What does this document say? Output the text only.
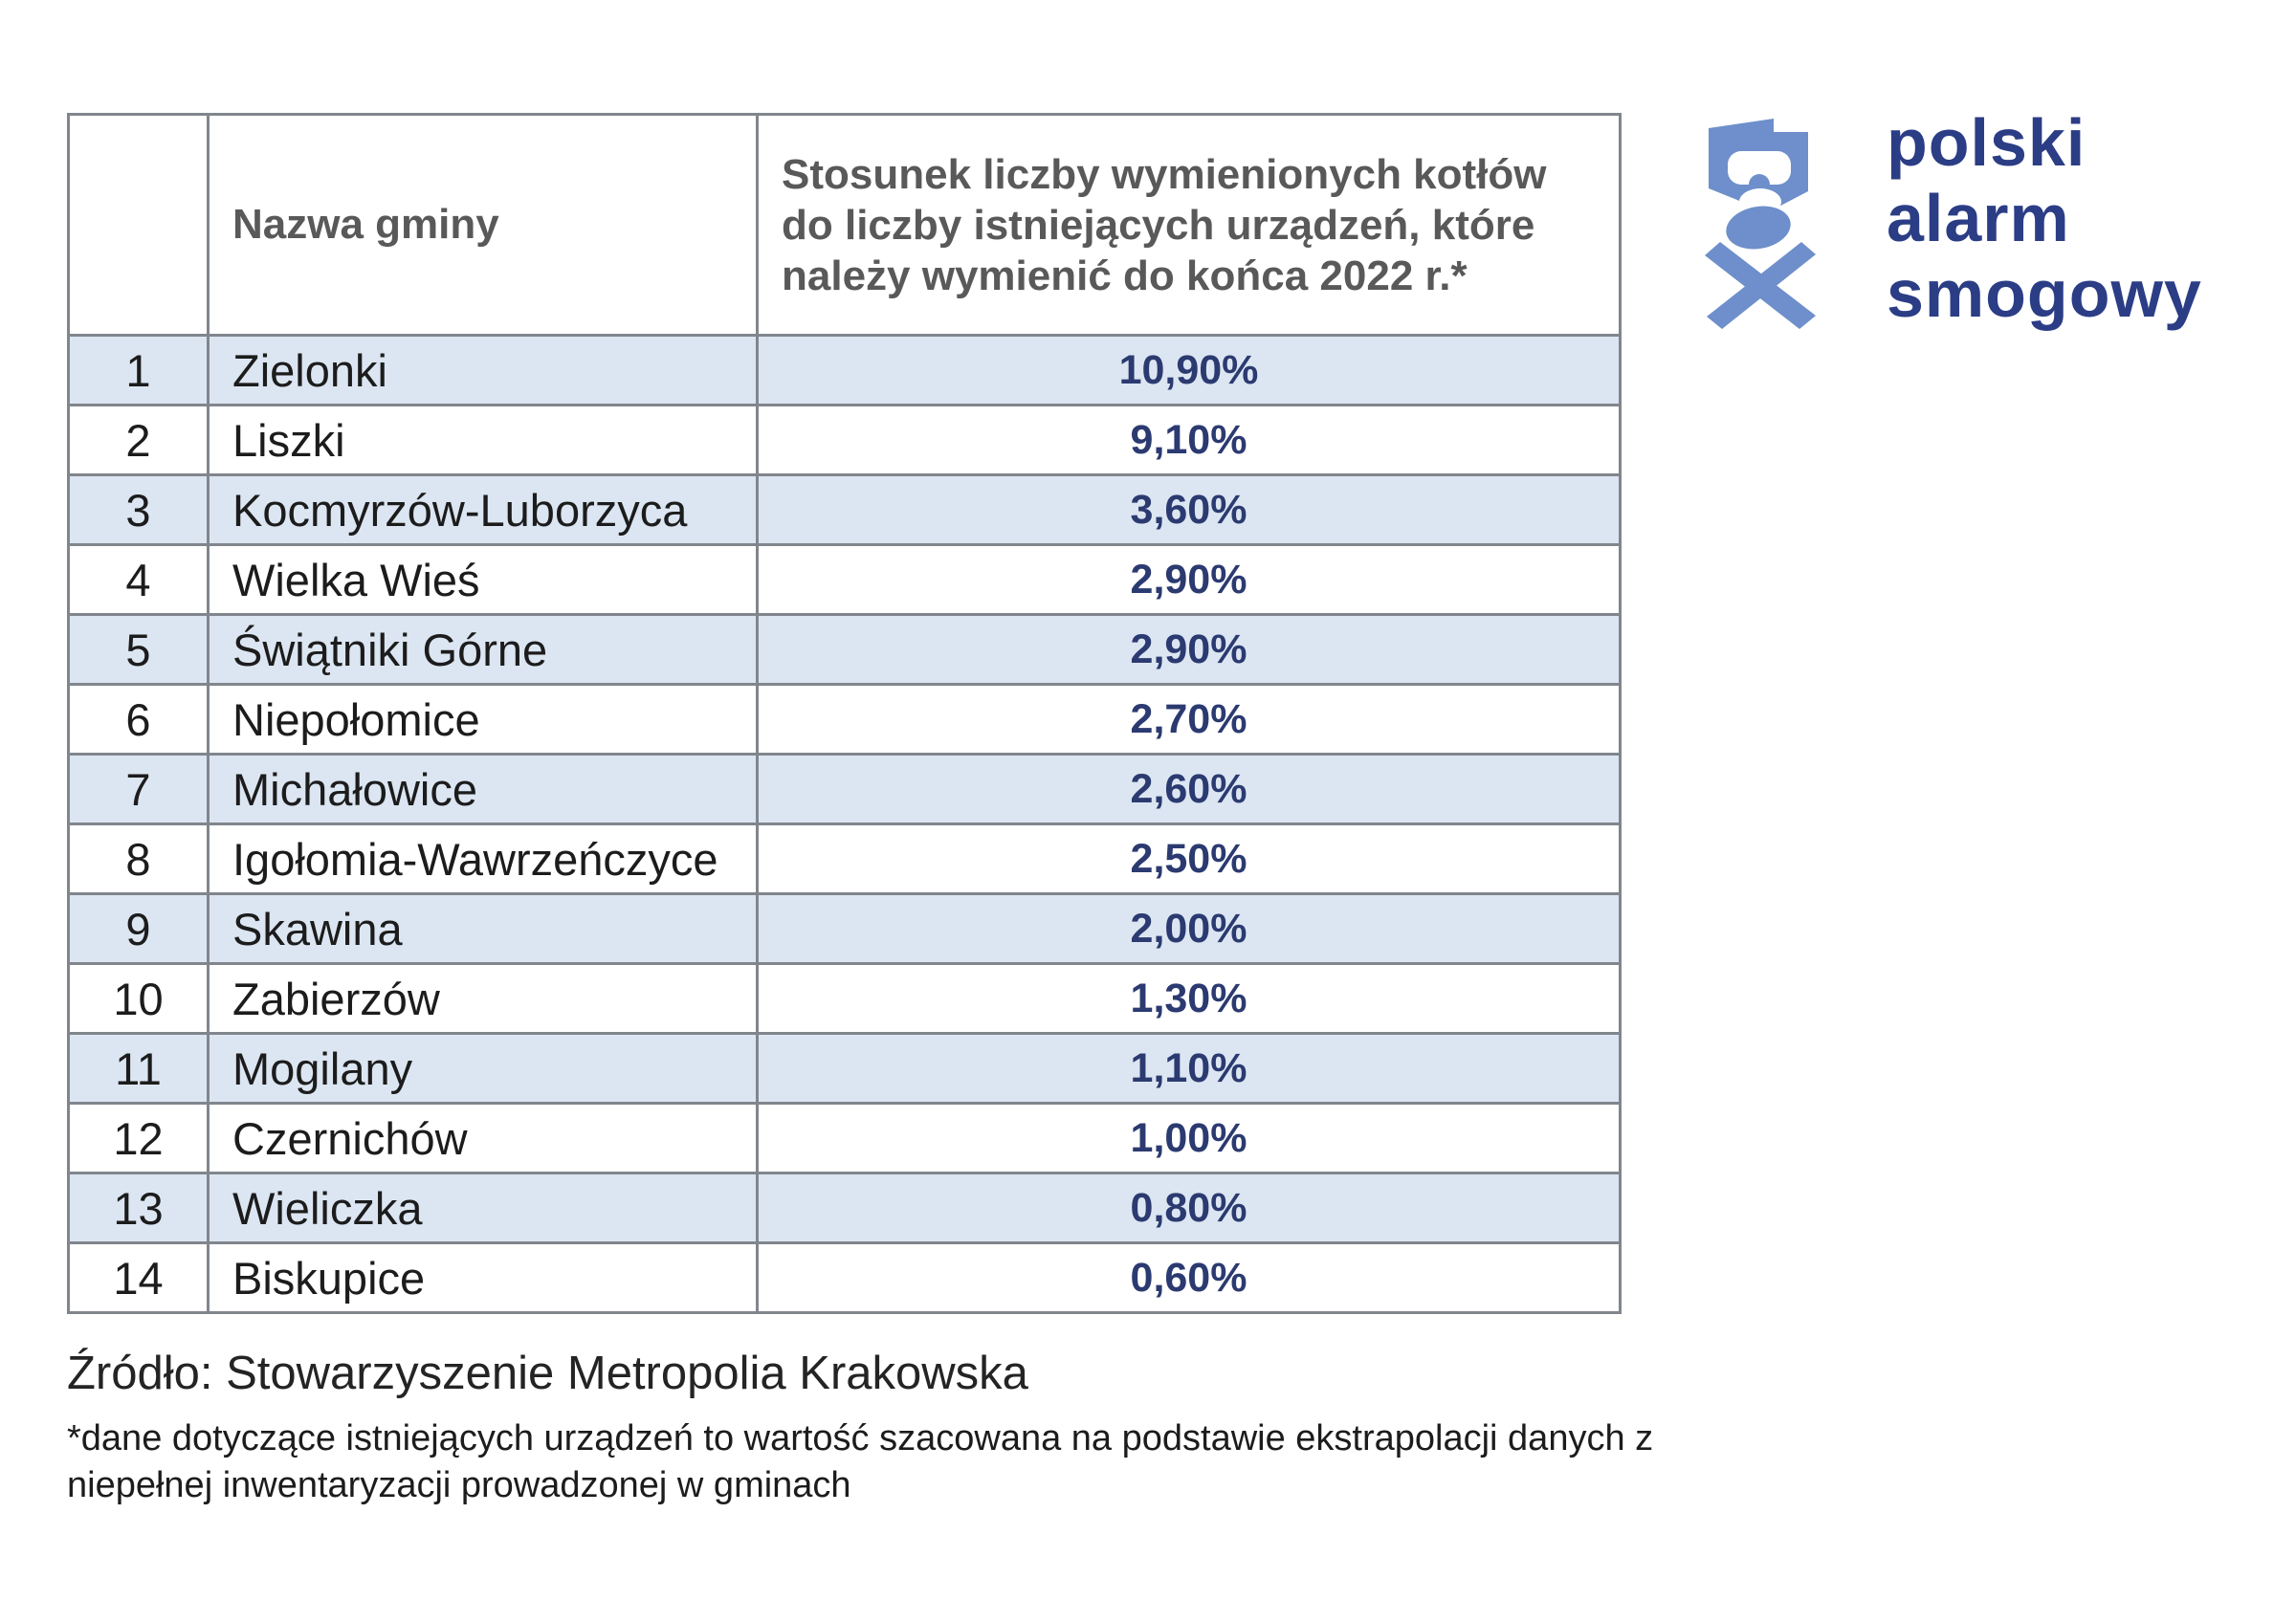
	Nazwa gminy	Stosunek liczby wymienionych kotłów
do liczby istniejących urządzeń, które
należy wymienić do końca 2022 r.*

1	Zielonki	10,90%
2	Liszki	9,10%
3	Kocmyrzów-Luborzyca	3,60%
4	Wielka Wieś	2,90%
5	Świątniki Górne	2,90%
6	Niepołomice	2,70%
7	Michałowice	2,60%
8	Igołomia-Wawrzeńczyce	2,50%
9	Skawina	2,00%
10	Zabierzów	1,30%
11	Mogilany	1,10%
12	Czernichów	1,00%
13	Wieliczka	0,80%
14	Biskupice	0,60%
polski
alarm
smogowy
Źródło: Stowarzyszenie Metropolia Krakowska
*dane dotyczące istniejących urządzeń to wartość szacowana na podstawie ekstrapolacji danych z
niepełnej inwentaryzacji prowadzonej w gminach
